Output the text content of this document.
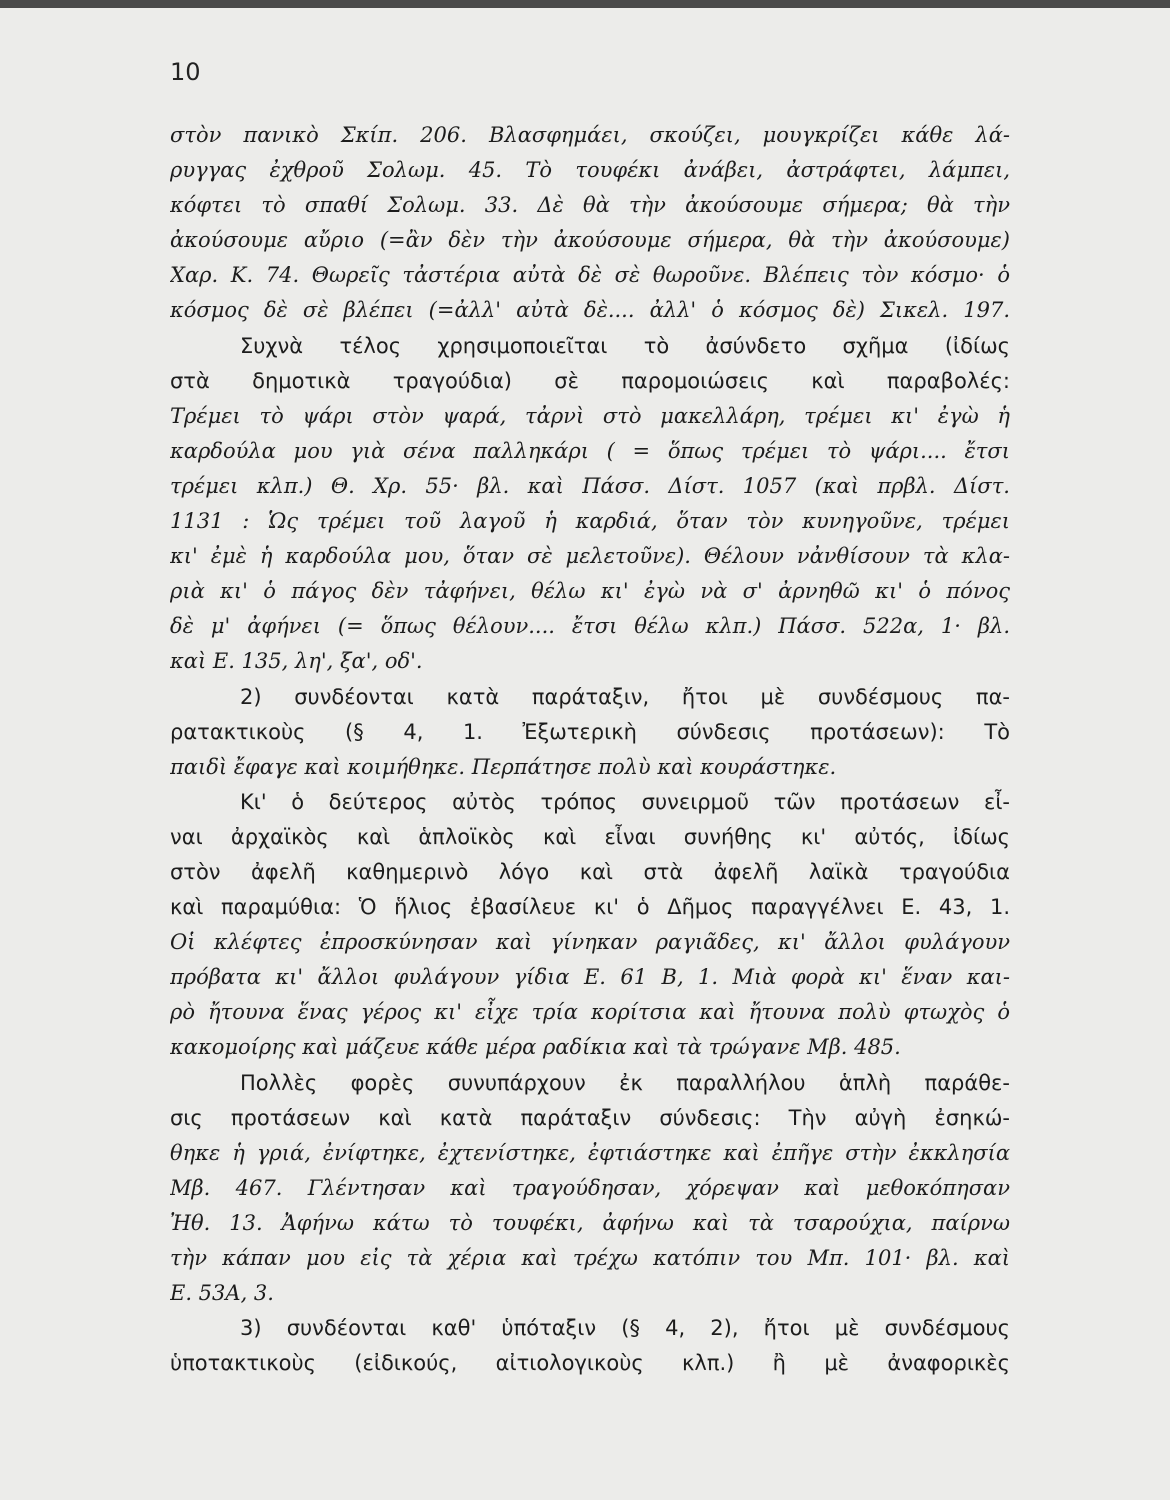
10
στὸν πανικὸ Σκίπ. 206. Βλασφημάει, σκούζει, μουγκρίζει κάθε λά-
ρυγγας ἐχθροῦ Σολωμ. 45. Τὸ τουφέκι ἀνάβει, ἀστράφτει, λάμπει,
κόφτει τὸ σπαθί Σολωμ. 33. Δὲ θὰ τὴν ἀκούσουμε σήμερα; θὰ τὴν
ἀκούσουμε αὔριο (=ἂν δὲν τὴν ἀκούσουμε σήμερα, θὰ τὴν ἀκούσουμε)
Χαρ. Κ. 74. Θωρεῖς τἀστέρια αὐτὰ δὲ σὲ θωροῦνε. Βλέπεις τὸν κόσμο· ὁ
κόσμος δὲ σὲ βλέπει (=ἀλλ' αὐτὰ δὲ.... ἀλλ' ὁ κόσμος δὲ) Σικελ. 197.
Συχνὰ τέλος χρησιμοποιεῖται τὸ ἀσύνδετο σχῆμα (ἰδίως
στὰ δημοτικὰ τραγούδια) σὲ παρομοιώσεις καὶ παραβολές:
Τρέμει τὸ ψάρι στὸν ψαρά, τἀρνὶ στὸ μακελλάρη, τρέμει κι' ἐγὼ ἡ
καρδούλα μου γιὰ σένα παλληκάρι ( = ὅπως τρέμει τὸ ψάρι.... ἔτσι
τρέμει κλπ.) Θ. Χρ. 55· βλ. καὶ Πάσσ. Δίστ. 1057 (καὶ πρβλ. Δίστ.
1131 : Ὡς τρέμει τοῦ λαγοῦ ἡ καρδιά, ὅταν τὸν κυνηγοῦνε, τρέμει
κι' ἐμὲ ἡ καρδούλα μου, ὅταν σὲ μελετοῦνε). Θέλουν νἀνθίσουν τὰ κλα-
ριὰ κι' ὁ πάγος δὲν τἀφήνει, θέλω κι' ἐγὼ νὰ σ' ἀρνηθῶ κι' ὁ πόνος
δὲ μ' ἀφήνει (= ὅπως θέλουν.... ἔτσι θέλω κλπ.) Πάσσ. 522α, 1· βλ.
καὶ Ε. 135, λη', ξα', οδ'.
2) συνδέονται κατὰ παράταξιν, ἤτοι μὲ συνδέσμους πα-
ρατακτικοὺς (§ 4, 1. Ἐξωτερικὴ σύνδεσις προτάσεων): Τὸ
παιδὶ ἔφαγε καὶ κοιμήθηκε. Περπάτησε πολὺ καὶ κουράστηκε.
Κι' ὁ δεύτερος αὐτὸς τρόπος συνειρμοῦ τῶν προτάσεων εἶ-
ναι ἀρχαϊκὸς καὶ ἁπλοϊκὸς καὶ εἶναι συνήθης κι' αὐτός, ἰδίως
στὸν ἀφελῆ καθημερινὸ λόγο καὶ στὰ ἀφελῆ λαϊκὰ τραγούδια
καὶ παραμύθια: Ὁ ἥλιος ἐβασίλευε κι' ὁ Δῆμος παραγγέλνει Ε. 43, 1.
Οἱ κλέφτες ἐπροσκύνησαν καὶ γίνηκαν ραγιᾶδες, κι' ἄλλοι φυλάγουν
πρόβατα κι' ἄλλοι φυλάγουν γίδια Ε. 61 Β, 1. Μιὰ φορὰ κι' ἕναν και-
ρὸ ἤτουνα ἕνας γέρος κι' εἶχε τρία κορίτσια καὶ ἤτουνα πολὺ φτωχὸς ὁ
κακομοίρης καὶ μάζευε κάθε μέρα ραδίκια καὶ τὰ τρώγανε Μβ. 485.
Πολλὲς φορὲς συνυπάρχουν ἐκ παραλλήλου ἁπλὴ παράθε-
σις προτάσεων καὶ κατὰ παράταξιν σύνδεσις: Τὴν αὐγὴ ἐσηκώ-
θηκε ἡ γριά, ἐνίφτηκε, ἐχτενίστηκε, ἐφτιάστηκε καὶ ἐπῆγε στὴν ἐκκλησία
Μβ. 467. Γλέντησαν καὶ τραγούδησαν, χόρεψαν καὶ μεθοκόπησαν
Ἠθ. 13. Ἀφήνω κάτω τὸ τουφέκι, ἀφήνω καὶ τὰ τσαρούχια, παίρνω
τὴν κάπαν μου εἰς τὰ χέρια καὶ τρέχω κατόπιν του Μπ. 101· βλ. καὶ
Ε. 53Α, 3.
3) συνδέονται καθ' ὑπόταξιν (§ 4, 2), ἤτοι μὲ συνδέσμους
ὑποτακτικοὺς (εἰδικούς, αἰτιολογικοὺς κλπ.) ἢ μὲ ἀναφορικὲς
